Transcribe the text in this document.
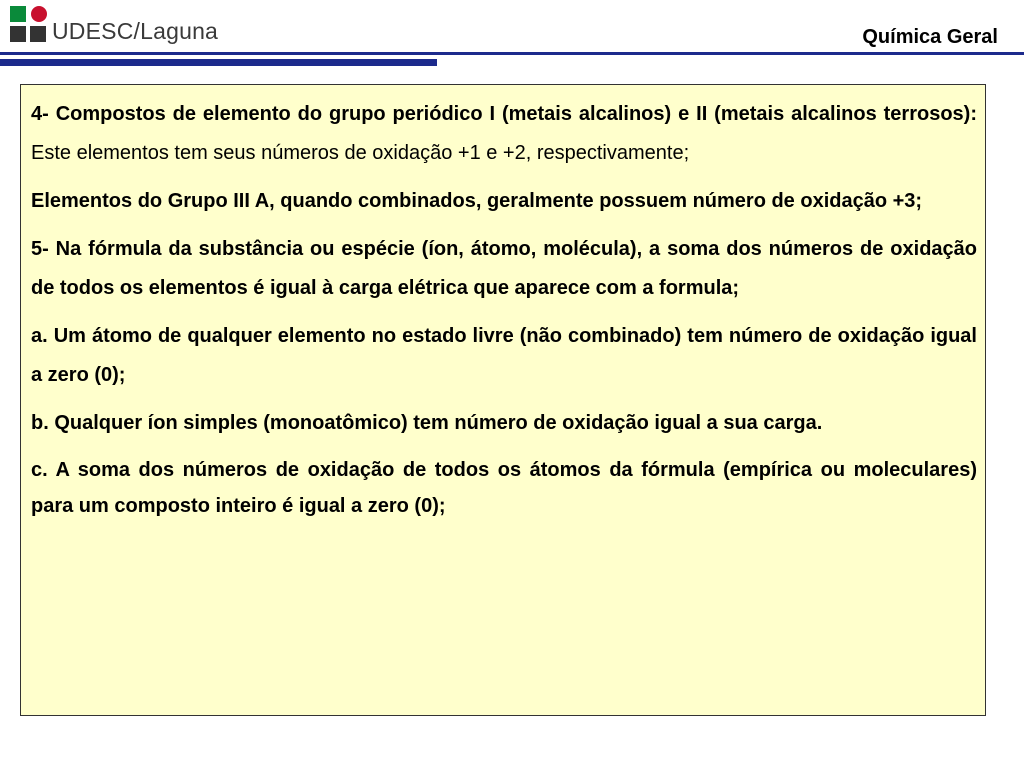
UDESC/Laguna	Química Geral

4- Compostos de elemento do grupo periódico I (metais alcalinos) e II (metais alcalinos terrosos): Este elementos tem seus números de oxidação +1 e +2, respectivamente;

Elementos do Grupo III A, quando combinados, geralmente possuem número de oxidação +3;

5- Na fórmula da substância ou espécie (íon, átomo, molécula), a soma dos números de oxidação de todos os elementos é igual à carga elétrica que aparece com a formula;

a. Um átomo de qualquer elemento no estado livre (não combinado) tem número de oxidação igual a zero (0);

b. Qualquer íon simples (monoatômico) tem número de oxidação igual a sua carga.

c. A soma dos números de oxidação de todos os átomos da fórmula (empírica ou moleculares) para um composto inteiro é igual a zero (0);
